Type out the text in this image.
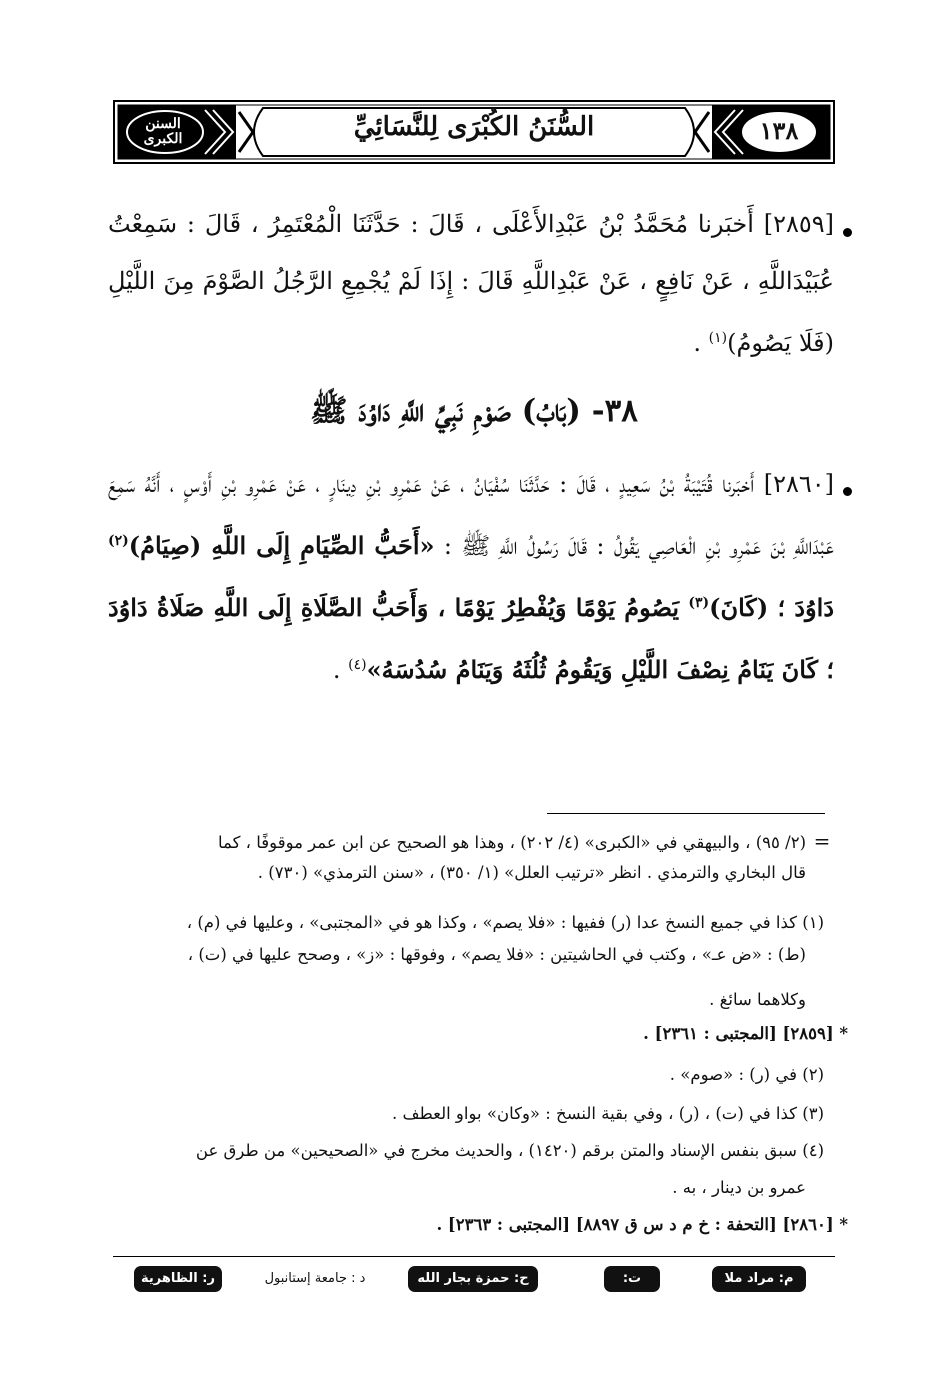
السنن الكبرى	السُّنَنُ الكُبْرَى لِلنَّسَائِيِّ	١٣٨
[٢٨٥٩] أَخبَرنا مُحَمَّدُ بْنُ عَبْدِالأَعْلَى ، قَالَ : حَدَّثَنَا الْمُعْتَمِرُ ، قَالَ : سَمِعْتُ عُبَيْدَاللَّهِ ، عَنْ نَافِعٍ ، عَنْ عَبْدِاللَّهِ قَالَ : إِذَا لَمْ يُجْمِعِ الرَّجُلُ الصَّوْمَ مِنَ اللَّيْلِ (فَلَا يَصُومُ)$^{(١)}$ .
٣٨- (بَابُ) صَوْمِ نَبِيِّ اللَّهِ دَاوُدَ ﷺ
[٢٨٦٠] أَخبَرنا قُتَيْبَةُ بْنُ سَعِيدٍ ، قَالَ : حَدَّثَنَا سُفْيَانُ ، عَنْ عَمْرِو بْنِ دِينَارٍ ، عَنْ عَمْرِو بْنِ أَوْسٍ ، أَنَّهُ سَمِعَ عَبْدَاللَّهِ بْنَ عَمْرِو بْنِ الْعَاصِي يَقُولُ : قَالَ رَسُولُ اللَّهِ ﷺ : «أَحَبُّ الصِّيَامِ إِلَى اللَّهِ (صِيَامُ)$^{(٢)}$ دَاوُدَ ؛ (كَانَ)$^{(٣)}$ يَصُومُ يَوْمًا وَيُفْطِرُ يَوْمًا ، وَأَحَبُّ الصَّلَاةِ إِلَى اللَّهِ صَلَاةُ دَاوُدَ ؛ كَانَ يَنَامُ نِصْفَ اللَّيْلِ وَيَقُومُ ثُلُثَهُ وَيَنَامُ سُدُسَهُ»$^{(٤)}$ .
=
(٢/ ٩٥) ، والبيهقي في «الكبرى» (٤/ ٢٠٢) ، وهذا هو الصحيح عن ابن عمر موقوفًا ، كما
قال البخاري والترمذي . انظر «ترتيب العلل» (١/ ٣٥٠) ، «سنن الترمذي» (٧٣٠) .
(١) كذا في جميع النسخ عدا (ر) ففيها : «فلا يصم» ، وكذا هو في «المجتبى» ، وعليها في (م) ،
(ط) : «ض عـ» ، وكتب في الحاشيتين : «فلا يصم» ، وفوقها : «ز» ، وصحح عليها في (ت) ،
وكلاهما سائغ .
* [٢٨٥٩] [المجتبى : ٢٣٦١] .
(٢) في (ر) : «صوم» .
(٣) كذا في (ت) ، (ر) ، وفي بقية النسخ : «وكان» بواو العطف .
(٤) سبق بنفس الإسناد والمتن برقم (١٤٢٠) ، والحديث مخرج في «الصحيحين» من طرق عن
عمرو بن دينار ، به .
* [٢٨٦٠] [التحفة : خ م د س ق ٨٨٩٧] [المجتبى : ٢٣٦٣] .
م: مراد ملا
ت: تطوان
ح: حمزة بجار الله
د : جامعة إستانبول
ر: الظاهرية
